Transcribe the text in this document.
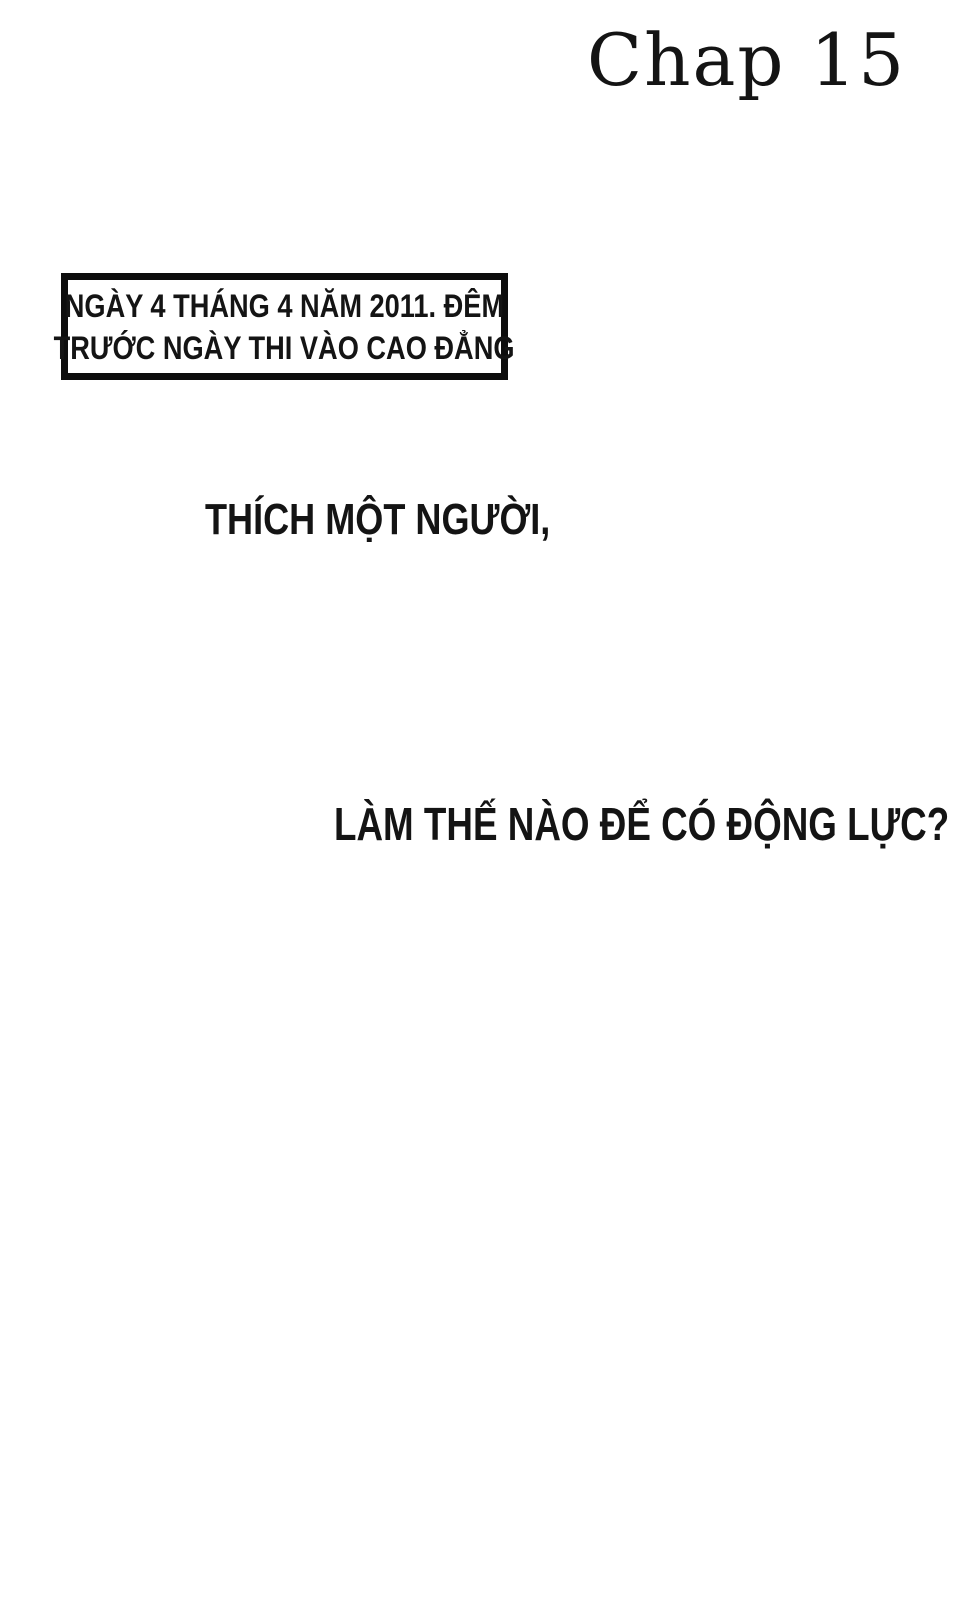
Chap 15
NGÀY 4 THÁNG 4 NĂM 2011. ĐÊM
TRƯỚC NGÀY THI VÀO CAO ĐẲNG
THÍCH MỘT NGƯỜI,
LÀM THẾ NÀO ĐỂ CÓ ĐỘNG LỰC?
